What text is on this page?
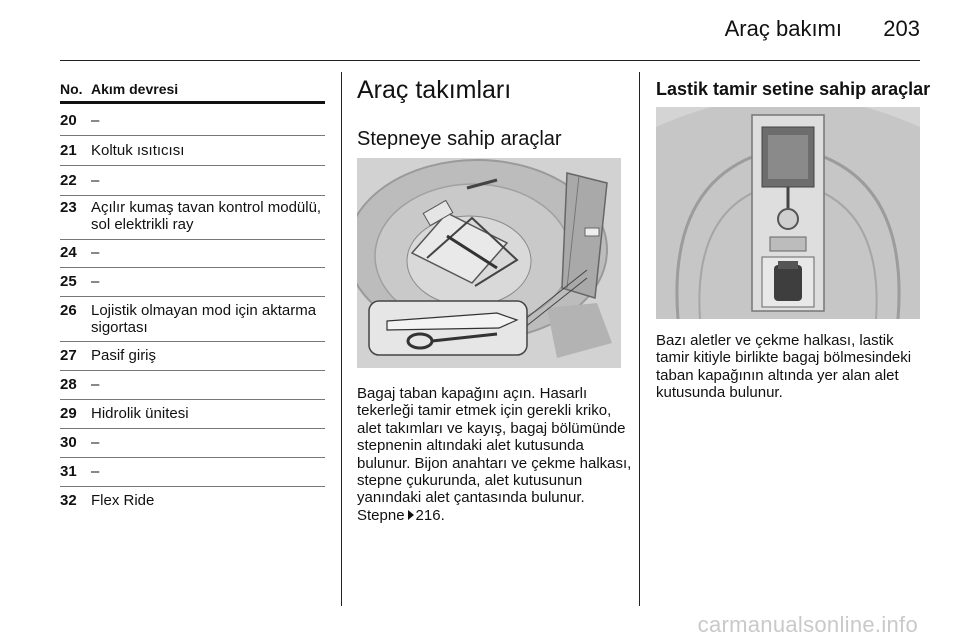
Araç bakımı 203
No. Akım devresi
20 –
21 Koltuk ısıtıcısı
22 –
23 Açılır kumaş tavan kontrol modülü, sol elektrikli ray
24 –
25 –
26 Lojistik olmayan mod için aktarma sigortası
27 Pasif giriş
28 –
29 Hidrolik ünitesi
30 –
31 –
32 Flex Ride
Araç takımları
Stepneye sahip araçlar
Bagaj taban kapağını açın. Hasarlı tekerleği tamir etmek için gerekli kriko, alet takımları ve kayış, bagaj bölümünde stepnenin altındaki alet kutusunda bulunur. Bijon anahtarı ve çekme halkası, stepne çukurunda, alet kutusunun yanındaki alet çantasında bulunur. Stepne 216.
Lastik tamir setine sahip araçlar
Bazı aletler ve çekme halkası, lastik tamir kitiyle birlikte bagaj bölmesindeki taban kapağının altında yer alan alet kutusunda bulunur.
carmanualsonline.info
